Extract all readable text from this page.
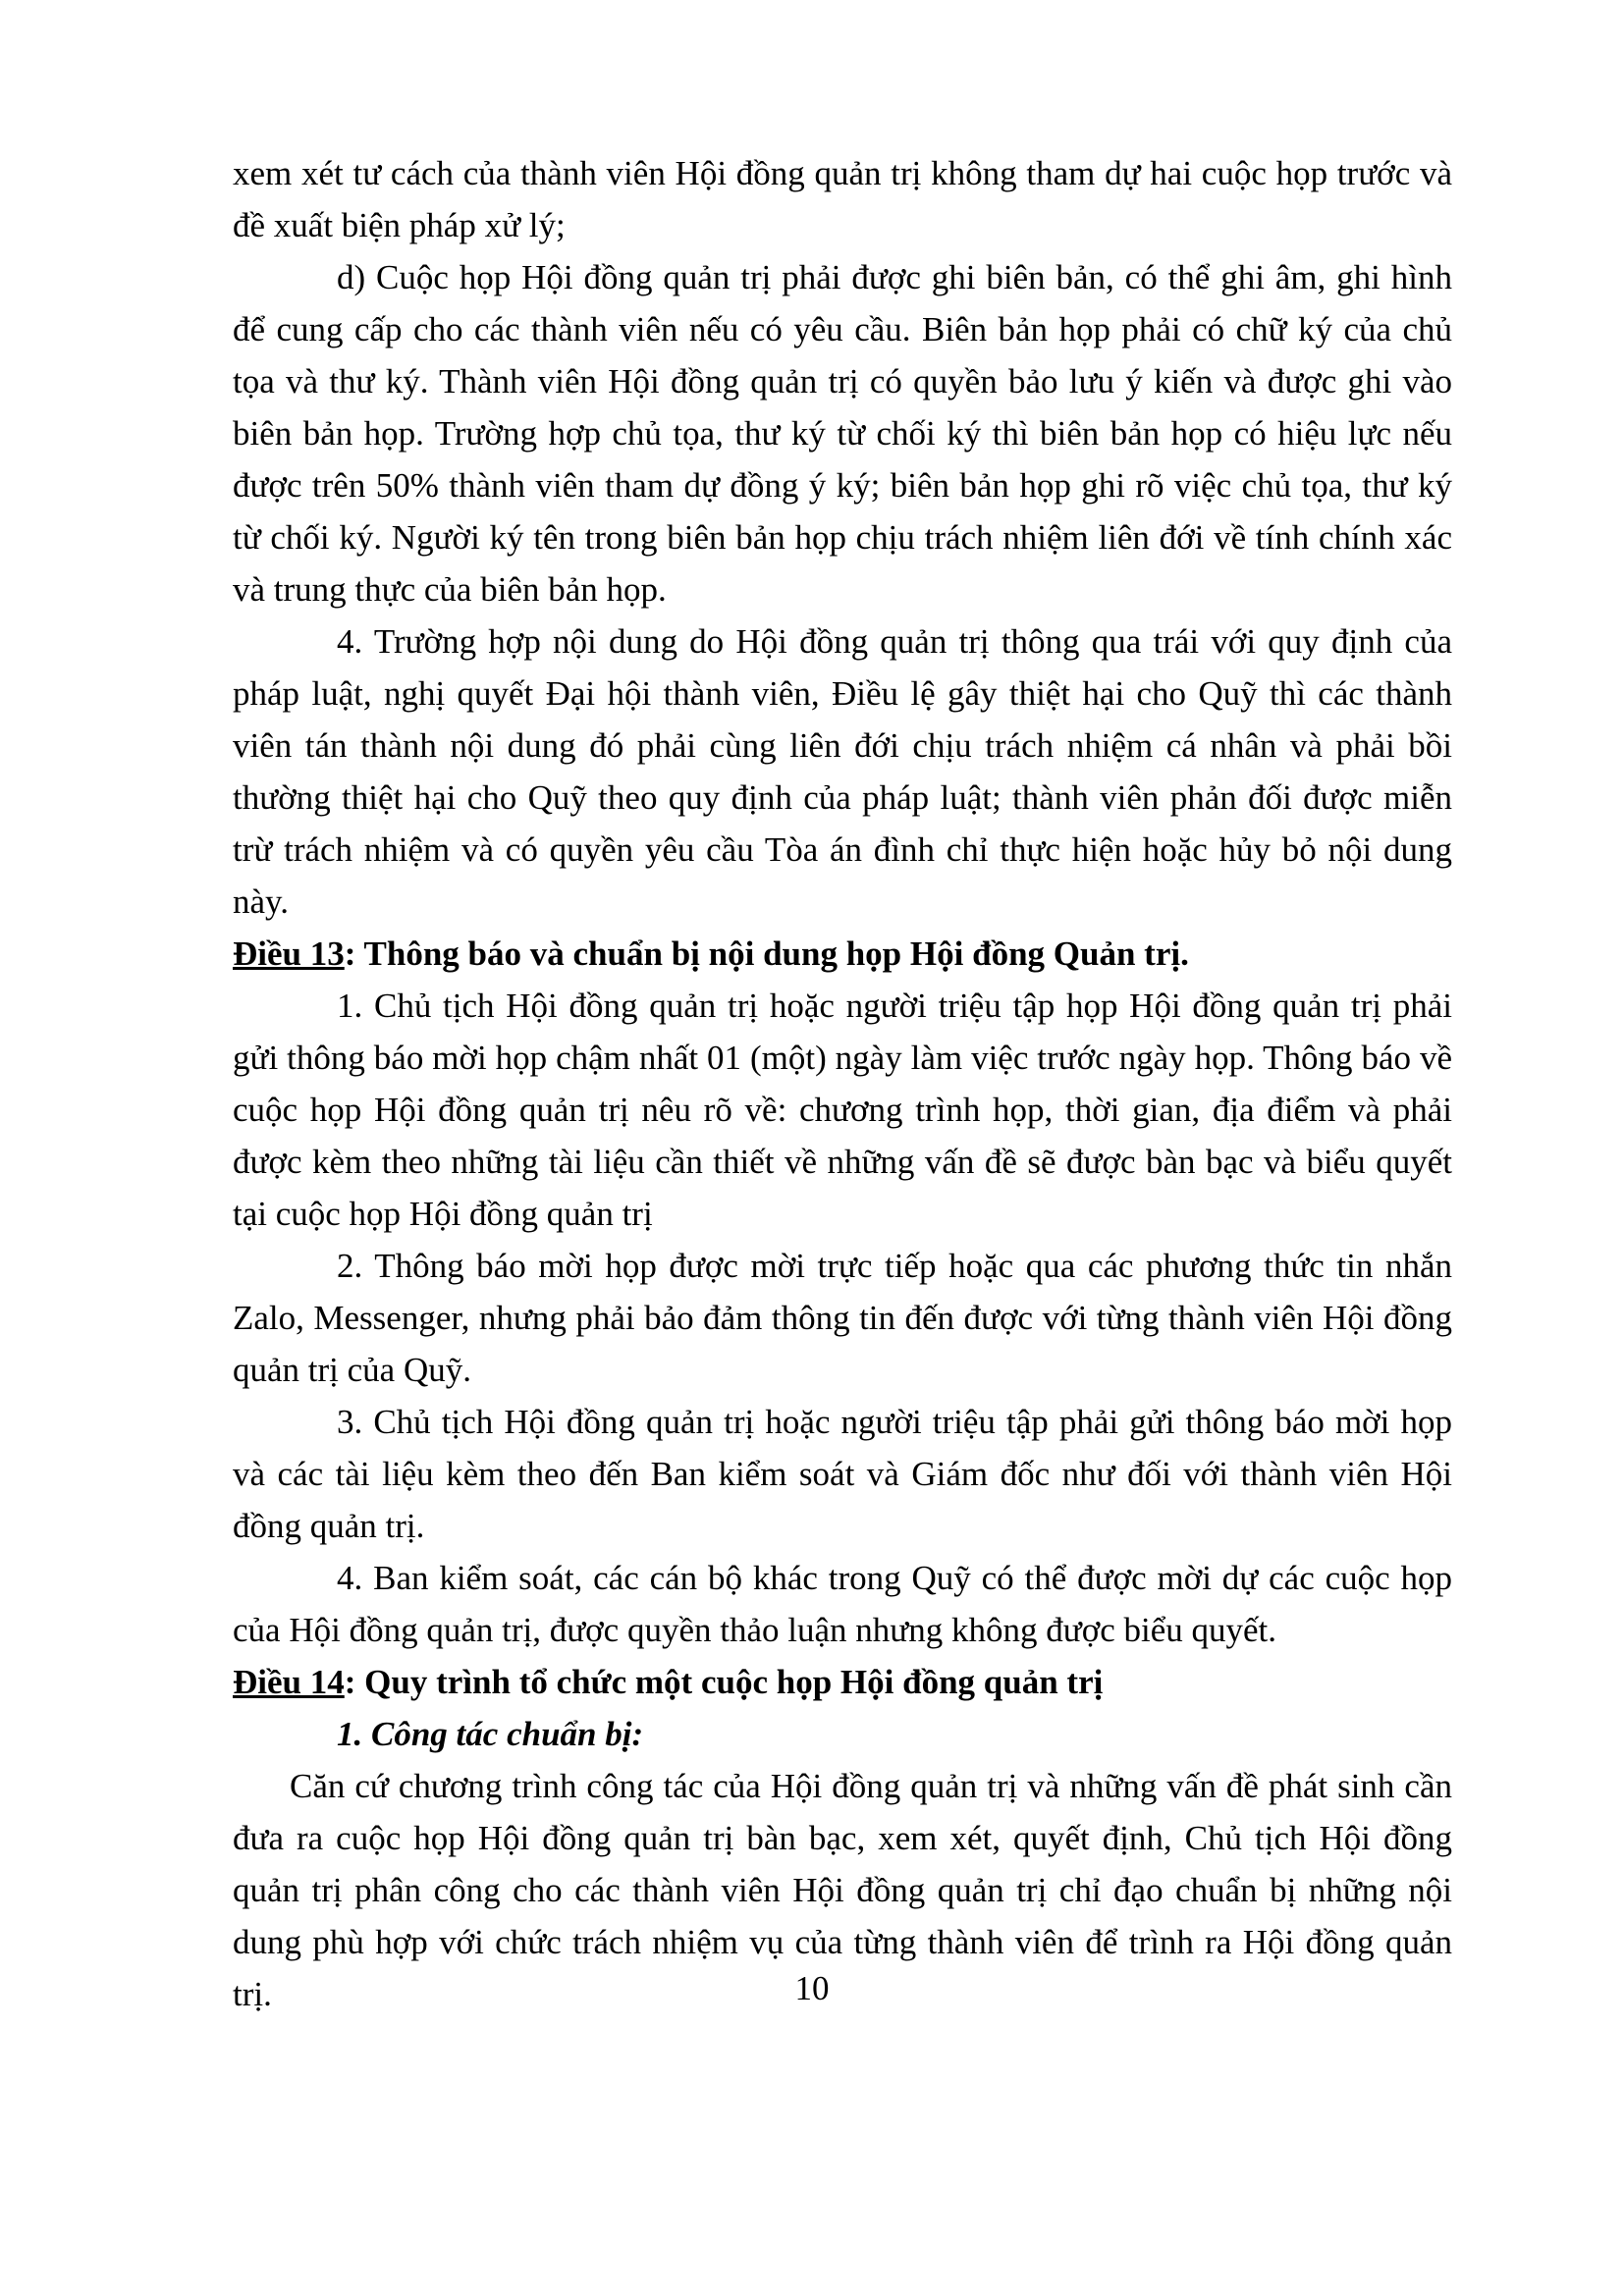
xem xét tư cách của thành viên Hội đồng quản trị không tham dự hai cuộc họp trước và đề xuất biện pháp xử lý;

d) Cuộc họp Hội đồng quản trị phải được ghi biên bản, có thể ghi âm, ghi hình để cung cấp cho các thành viên nếu có yêu cầu. Biên bản họp phải có chữ ký của chủ tọa và thư ký. Thành viên Hội đồng quản trị có quyền bảo lưu ý kiến và được ghi vào biên bản họp. Trường hợp chủ tọa, thư ký từ chối ký thì biên bản họp có hiệu lực nếu được trên 50% thành viên tham dự đồng ý ký; biên bản họp ghi rõ việc chủ tọa, thư ký từ chối ký. Người ký tên trong biên bản họp chịu trách nhiệm liên đới về tính chính xác và trung thực của biên bản họp.

4. Trường hợp nội dung do Hội đồng quản trị thông qua trái với quy định của pháp luật, nghị quyết Đại hội thành viên, Điều lệ gây thiệt hại cho Quỹ thì các thành viên tán thành nội dung đó phải cùng liên đới chịu trách nhiệm cá nhân và phải bồi thường thiệt hại cho Quỹ theo quy định của pháp luật; thành viên phản đối được miễn trừ trách nhiệm và có quyền yêu cầu Tòa án đình chỉ thực hiện hoặc hủy bỏ nội dung này.

Điều 13: Thông báo và chuẩn bị nội dung họp Hội đồng Quản trị.

1. Chủ tịch Hội đồng quản trị hoặc người triệu tập họp Hội đồng quản trị phải gửi thông báo mời họp chậm nhất 01 (một) ngày làm việc trước ngày họp. Thông báo về cuộc họp Hội đồng quản trị nêu rõ về: chương trình họp, thời gian, địa điểm và phải được kèm theo những tài liệu cần thiết về những vấn đề sẽ được bàn bạc và biểu quyết tại cuộc họp Hội đồng quản trị

2. Thông báo mời họp được mời trực tiếp hoặc qua các phương thức tin nhắn Zalo, Messenger, nhưng phải bảo đảm thông tin đến được với từng thành viên Hội đồng quản trị của Quỹ.

3. Chủ tịch Hội đồng quản trị hoặc người triệu tập phải gửi thông báo mời họp và các tài liệu kèm theo đến Ban kiểm soát và Giám đốc như đối với thành viên Hội đồng quản trị.

4. Ban kiểm soát, các cán bộ khác trong Quỹ có thể được mời dự các cuộc họp của Hội đồng quản trị, được quyền thảo luận nhưng không được biểu quyết.

Điều 14: Quy trình tổ chức một cuộc họp Hội đồng quản trị

1. Công tác chuẩn bị:

Căn cứ chương trình công tác của Hội đồng quản trị và những vấn đề phát sinh cần đưa ra cuộc họp Hội đồng quản trị bàn bạc, xem xét, quyết định, Chủ tịch Hội đồng quản trị phân công cho các thành viên Hội đồng quản trị chỉ đạo chuẩn bị những nội dung phù hợp với chức trách nhiệm vụ của từng thành viên để trình ra Hội đồng quản trị.	10
